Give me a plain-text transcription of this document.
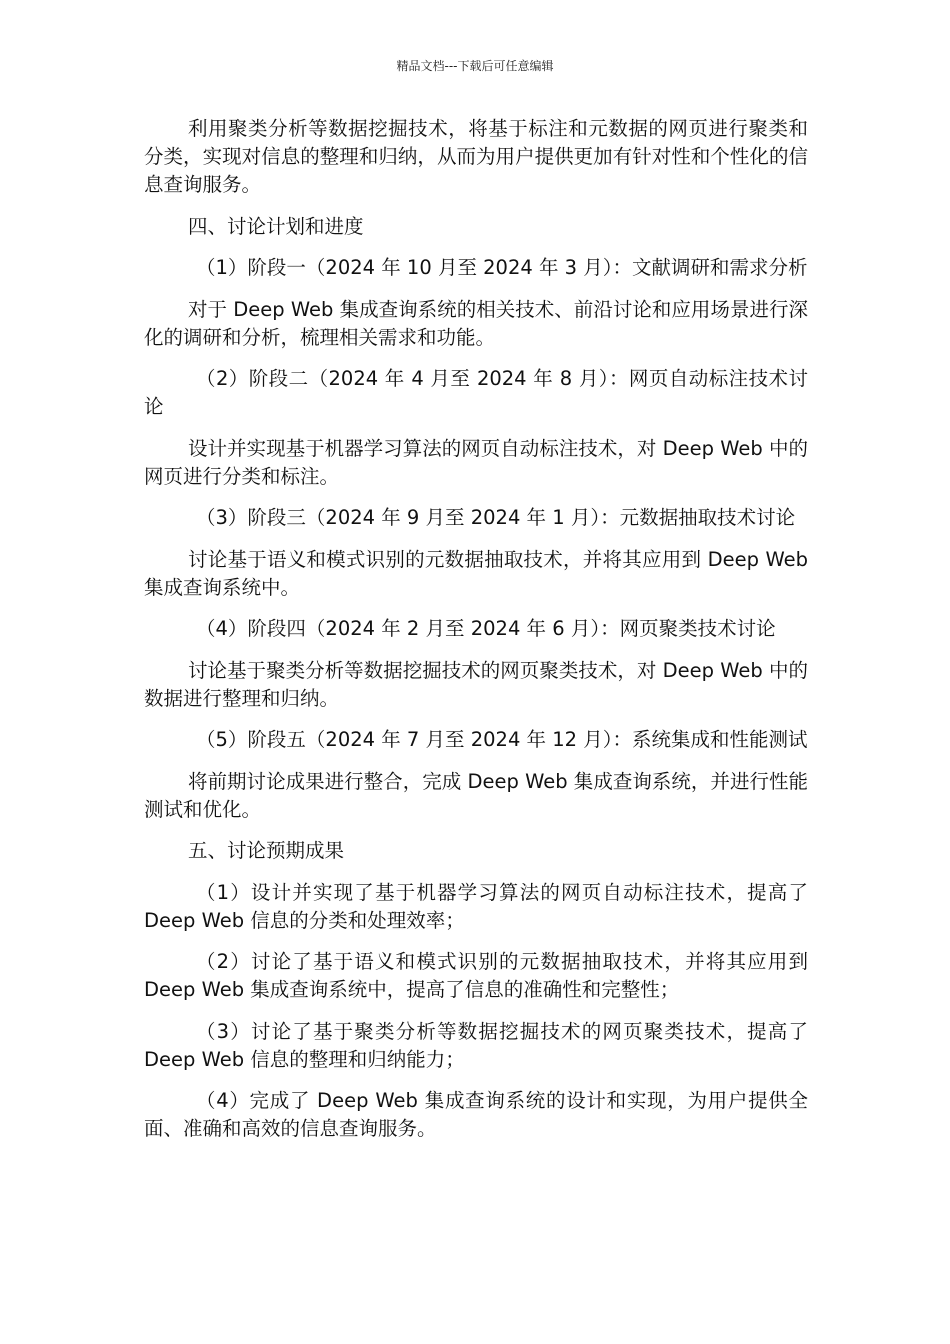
精品文档---下载后可任意编辑

利用聚类分析等数据挖掘技术，将基于标注和元数据的网页进行聚类和分类，实现对信息的整理和归纳，从而为用户提供更加有针对性和个性化的信息查询服务。

四、讨论计划和进度

（1）阶段一（2024 年 10 月至 2024 年 3 月）：文献调研和需求分析

对于 Deep Web 集成查询系统的相关技术、前沿讨论和应用场景进行深化的调研和分析，梳理相关需求和功能。

（2）阶段二（2024 年 4 月至 2024 年 8 月）：网页自动标注技术讨论

设计并实现基于机器学习算法的网页自动标注技术，对 Deep Web 中的网页进行分类和标注。

（3）阶段三（2024 年 9 月至 2024 年 1 月）：元数据抽取技术讨论

讨论基于语义和模式识别的元数据抽取技术，并将其应用到 Deep Web 集成查询系统中。

（4）阶段四（2024 年 2 月至 2024 年 6 月）：网页聚类技术讨论

讨论基于聚类分析等数据挖掘技术的网页聚类技术，对 Deep Web 中的数据进行整理和归纳。

（5）阶段五（2024 年 7 月至 2024 年 12 月）：系统集成和性能测试

将前期讨论成果进行整合，完成 Deep Web 集成查询系统，并进行性能测试和优化。

五、讨论预期成果

（1）设计并实现了基于机器学习算法的网页自动标注技术，提高了 Deep Web 信息的分类和处理效率；

（2）讨论了基于语义和模式识别的元数据抽取技术，并将其应用到 Deep Web 集成查询系统中，提高了信息的准确性和完整性；

（3）讨论了基于聚类分析等数据挖掘技术的网页聚类技术，提高了 Deep Web 信息的整理和归纳能力；

（4）完成了 Deep Web 集成查询系统的设计和实现，为用户提供全面、准确和高效的信息查询服务。
